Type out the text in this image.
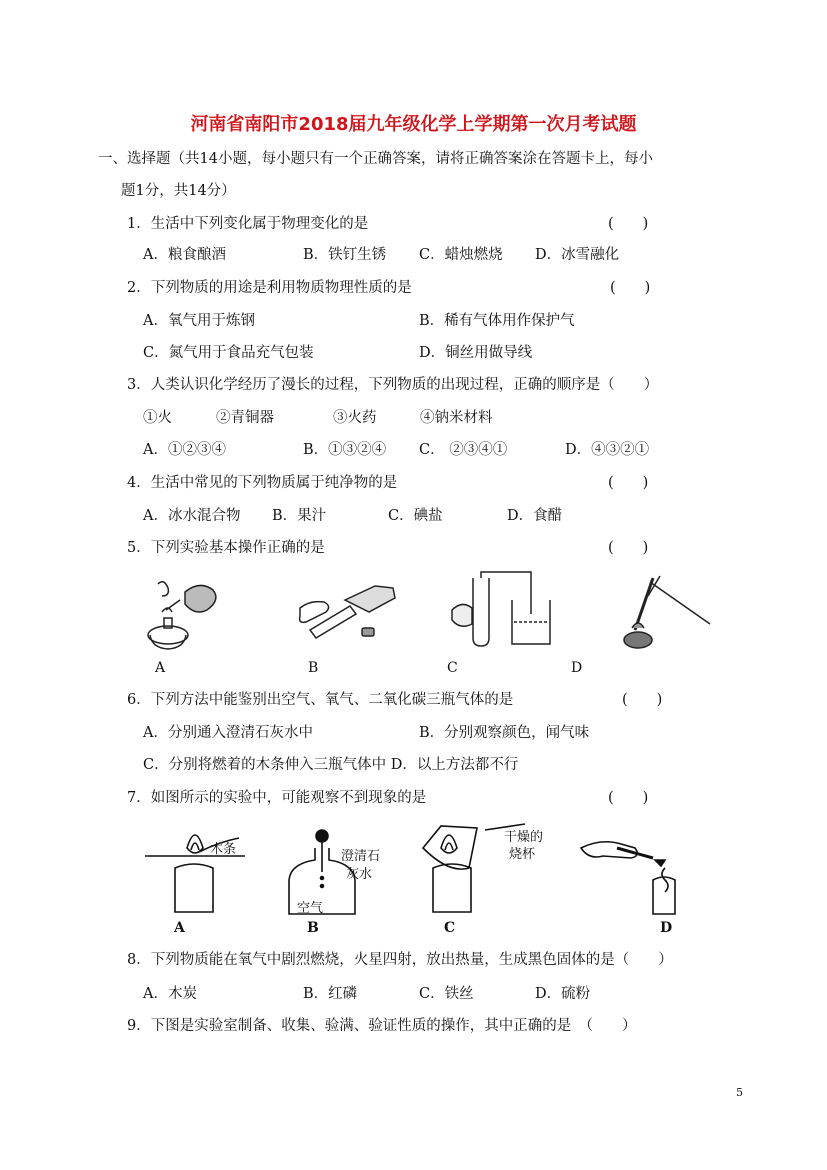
河南省南阳市2018届九年级化学上学期第一次月考试题
一、选择题（共14小题，每小题只有一个正确答案，请将正确答案涂在答题卡上，每小
题1分，共14分）
1．生活中下列变化属于物理变化的是	(　　)
A．粮食酿酒	B．铁钉生锈 C．蜡烛燃烧 D．冰雪融化
2．下列物质的用途是利用物质物理性质的是	(　　)
A．氧气用于炼钢	B．稀有气体用作保护气
C．氮气用于食品充气包装	D．铜丝用做导线
3．人类认识化学经历了漫长的过程，下列物质的出现过程，正确的顺序是（　　）
①火	②青铜器	③火药	④钠米材料
A．①②③④	B．①③②④ C． ②③④①	D．④③②①
4．生活中常见的下列物质属于纯净物的是	(　　)
A．冰水混合物 B．果汁	C．碘盐	D．食醋
5．下列实验基本操作正确的是	(　　)
A	B	C	D
6．下列方法中能鉴别出空气、氧气、二氧化碳三瓶气体的是	(　　)
A．分别通入澄清石灰水中	B．分别观察颜色，闻气味
C．分别将燃着的木条伸入三瓶气体中 D．以上方法都不行
7．如图所示的实验中，可能观察不到现象的是	(　　)
木条	澄清石
灰水
空气
干燥的
烧杯
A	B	C	D
8．下列物质能在氧气中剧烈燃烧，火星四射，放出热量，生成黑色固体的是（　　）
A．木炭	B．红磷	C．铁丝	D．硫粉
9．下图是实验室制备、收集、验满、验证性质的操作，其中正确的是　（　　）
5
